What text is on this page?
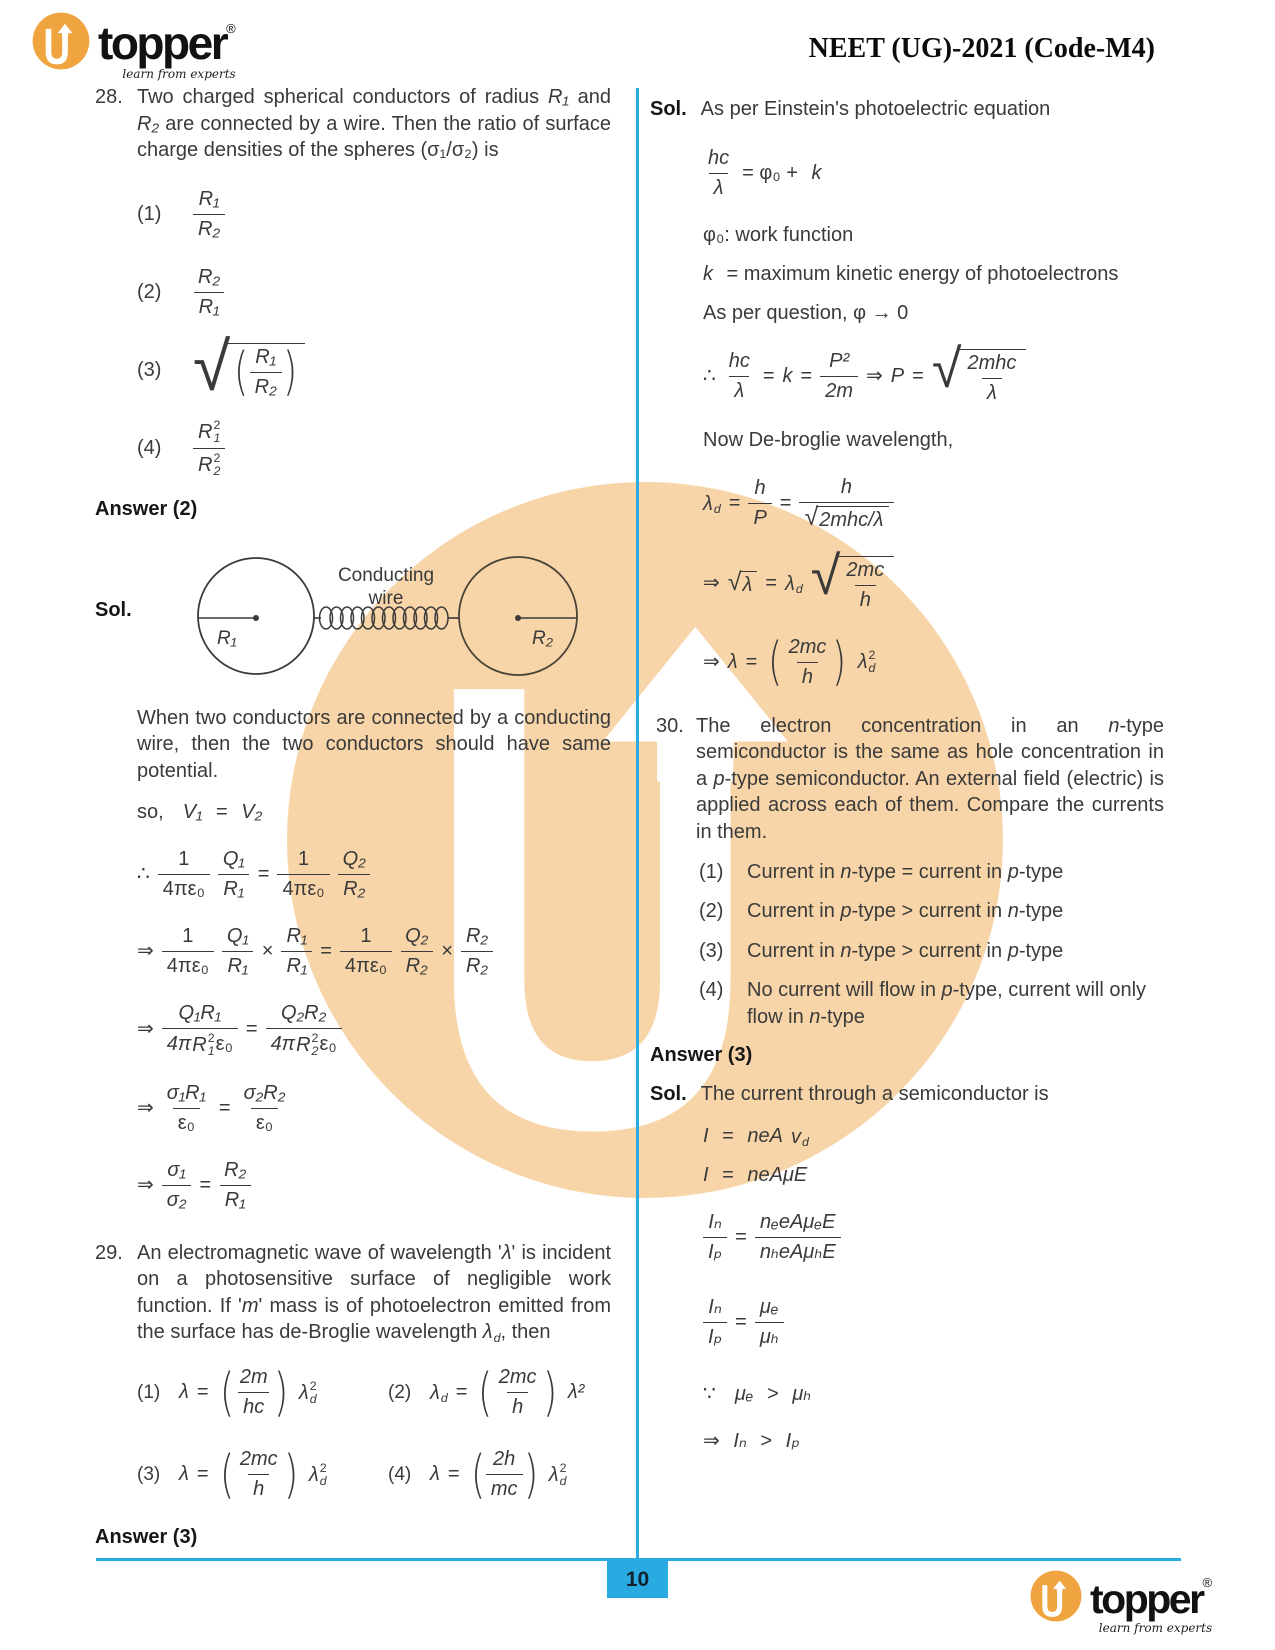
topper®
learn from experts
NEET (UG)-2021 (Code-M4)
10	topper®
learn from experts
28. Two charged spherical conductors of radius R₁ and R₂ are connected by a wire. Then the ratio of surface charge densities of the spheres (σ₁/σ₂) is
(1)	$\frac{\text{R₁}}{\text{R₂}}$
(2)	$\frac{\text{R₂}}{\text{R₁}}$
(3) √ ( $\frac{\text{R₁}}{\text{R₂}}$ )
(4)	R 2
1
R 2
2
Answer (2)
Sol.
R₁
Conducting
wire
R₂
When two conductors are connected by a conducting wire, then the two conductors should have same potential.
so, V₁ = V₂
∴ $\frac{1}{\text{4πε₀}} \frac{\text{Q₁}}{\text{R₁}} = \frac{1}{\text{4πε₀}} \frac{\text{Q₂}}{\text{R₂}}$
⇒ $\frac{1}{\text{4πε₀}} \frac{\text{Q₁}}{\text{R₁}} \times \frac{\text{R₁}}{\text{R₁}} = \frac{1}{\text{4πε₀}} \frac{\text{Q₂}}{\text{R₂}} \times \frac{\text{R₂}}{\text{R₂}}$
⇒ Q₁R₁
4π R 2
1 ε₀ = Q₂R₂
4π R 2
2 ε₀
⇒ $\frac{\text{σ₁R₁}}{\text{ε₀}} = \frac{\text{σ₂R₂}}{\text{ε₀}}$
⇒ $\frac{\text{σ₁}}{\text{σ₂}} = \frac{\text{R₂}}{\text{R₁}}$
29. An electromagnetic wave of wavelength 'λ' is incident on a photosensitive surface of negligible work function. If 'm' mass is of photoelectron emitted from the surface has de-Broglie wavelength λ d , then
(1) λ = ( $\frac{2m}{hc}$ ) λ 2
d	(2) λ d = ( $\frac{2mc}{h}$ ) λ²
(3) λ = ( $\frac{2mc}{h}$ ) λ 2
d	(4) λ = ( $\frac{2h}{mc}$ ) λ 2
d
Answer (3)
Sol. As per Einstein's photoelectric equation
$\frac{hc}{\lambda} = \varphi_0 + k$
φ₀: work function
k = maximum kinetic energy of photoelectrons
As per question, φ → 0
∴ $\frac{hc}{\lambda} = k = \frac{\text{P²}}{2m}$ ⇒ P = √ $\frac{\text{2mhc}}{\lambda}$
Now De-broglie wavelength,
λ $d = \frac{h}{P} = \frac{h}{\text{√ 2mhc/λ}}$
⇒ √ λ = λ d √ $\frac{2mc}{h}$
⇒ λ = ( $\frac{2mc}{h}$ ) λ 2
d
30. The electron concentration in an n-type semiconductor is the same as hole concentration in a p-type semiconductor. An external field (electric) is applied across each of them. Compare the currents in them.
(1)	Current in n-type = current in p-type
(2)	Current in p-type > current in n-type
(3)	Current in n-type > current in p-type
(4)	No current will flow in p-type, current will only flow in n-type
Answer (3)
Sol. The current through a semiconductor is
I = neA v d
I = neAμE
$\frac{\text{Iₙ}}{\text{Iₚ}} = \frac{\text{nₑeAμₑE}}{\text{nₕeAμₕE}}$
$\frac{\text{Iₙ}}{\text{Iₚ}} = \frac{\text{μₑ}}{\text{μₕ}}$
∵ μₑ > μₕ
⇒ Iₙ > Iₚ
